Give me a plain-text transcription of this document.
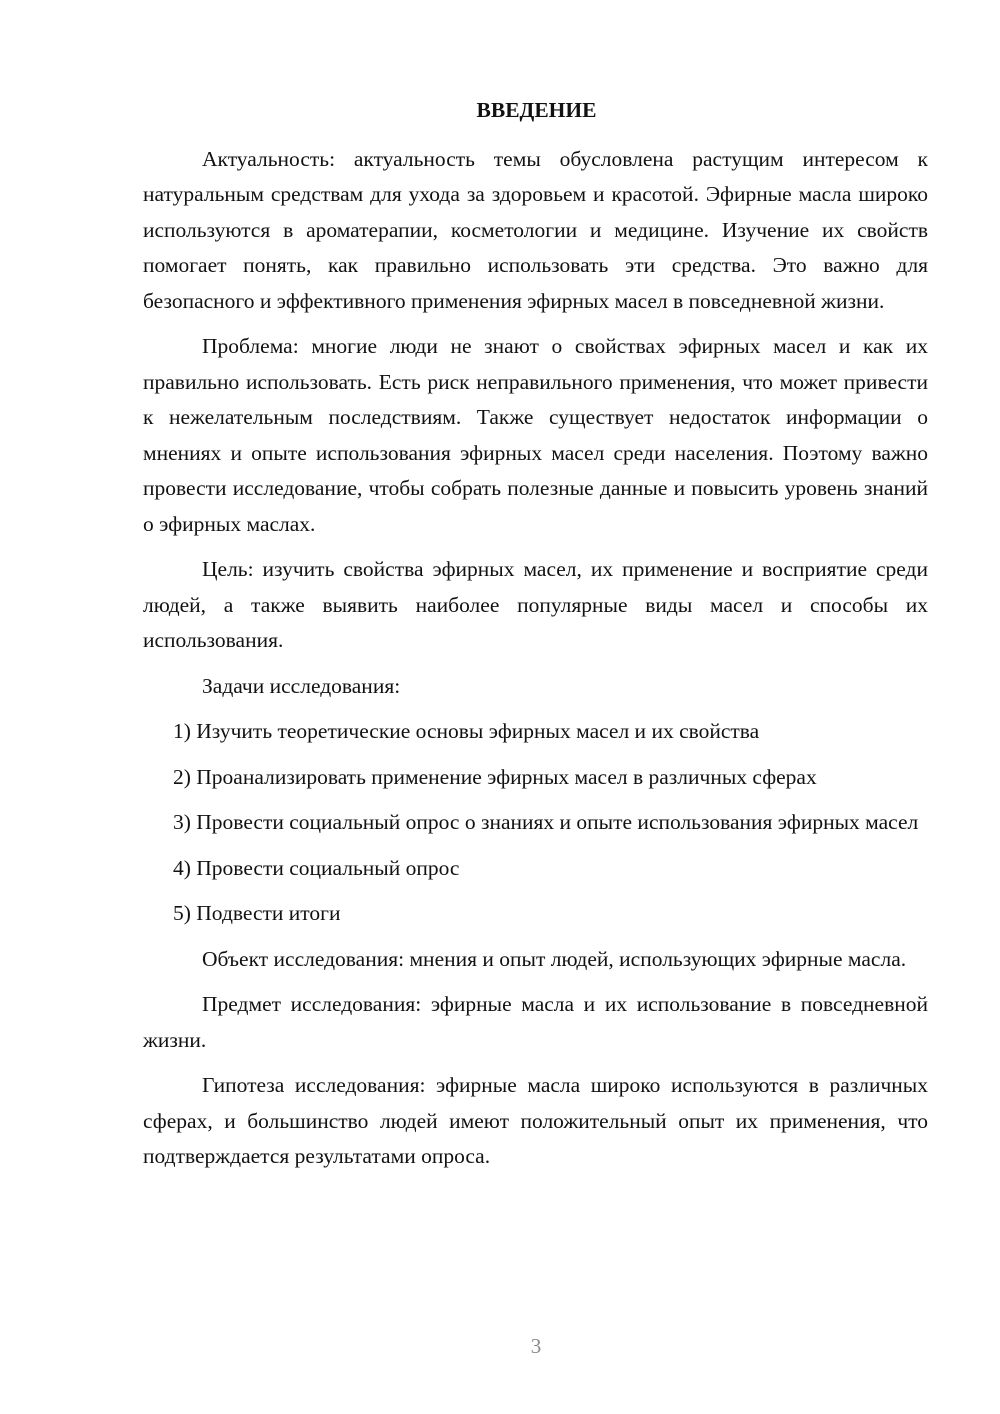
ВВЕДЕНИЕ

Актуальность: актуальность темы обусловлена растущим интересом к натуральным средствам для ухода за здоровьем и красотой. Эфирные масла широко используются в ароматерапии, косметологии и медицине. Изучение их свойств помогает понять, как правильно использовать эти средства. Это важно для безопасного и эффективного применения эфирных масел в повседневной жизни.

Проблема: многие люди не знают о свойствах эфирных масел и как их правильно использовать. Есть риск неправильного применения, что может привести к нежелательным последствиям. Также существует недостаток информации о мнениях и опыте использования эфирных масел среди населения. Поэтому важно провести исследование, чтобы собрать полезные данные и повысить уровень знаний о эфирных маслах.

Цель: изучить свойства эфирных масел, их применение и восприятие среди людей, а также выявить наиболее популярные виды масел и способы их использования.

Задачи исследования:

1) Изучить теоретические основы эфирных масел и их свойства

2) Проанализировать применение эфирных масел в различных сферах

3) Провести социальный опрос о знаниях и опыте использования эфирных масел

4) Провести социальный опрос

5) Подвести итоги

Объект исследования: мнения и опыт людей, использующих эфирные масла.

Предмет исследования: эфирные масла и их использование в повседневной жизни.

Гипотеза исследования: эфирные масла широко используются в различных сферах, и большинство людей имеют положительный опыт их применения, что подтверждается результатами опроса.

3
